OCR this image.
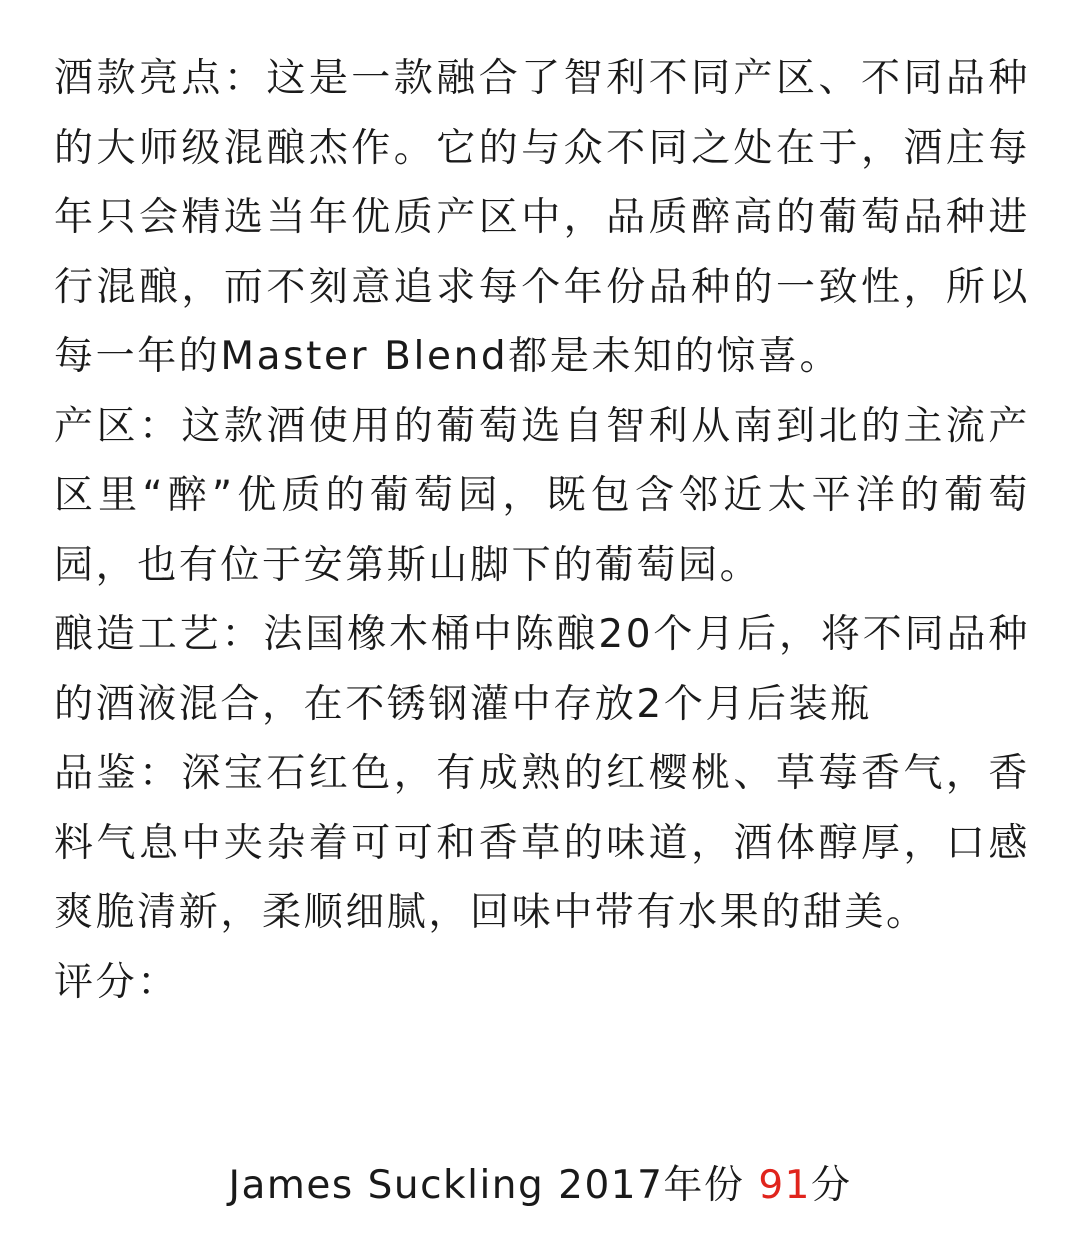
酒款亮点：这是一款融合了智利不同产区、不同品种的大师级混酿杰作。它的与众不同之处在于，酒庄每年只会精选当年优质产区中，品质醉高的葡萄品种进行混酿，而不刻意追求每个年份品种的一致性，所以每一年的Master Blend都是未知的惊喜。

产区：这款酒使用的葡萄选自智利从南到北的主流产区里“醉”优质的葡萄园，既包含邻近太平洋的葡萄园，也有位于安第斯山脚下的葡萄园。

酿造工艺：法国橡木桶中陈酿20个月后，将不同品种的酒液混合，在不锈钢灌中存放2个月后装瓶

品鉴：深宝石红色，有成熟的红樱桃、草莓香气，香料气息中夹杂着可可和香草的味道，酒体醇厚，口感爽脆清新，柔顺细腻，回味中带有水果的甜美。

评分：

James Suckling 2017年份 91分
